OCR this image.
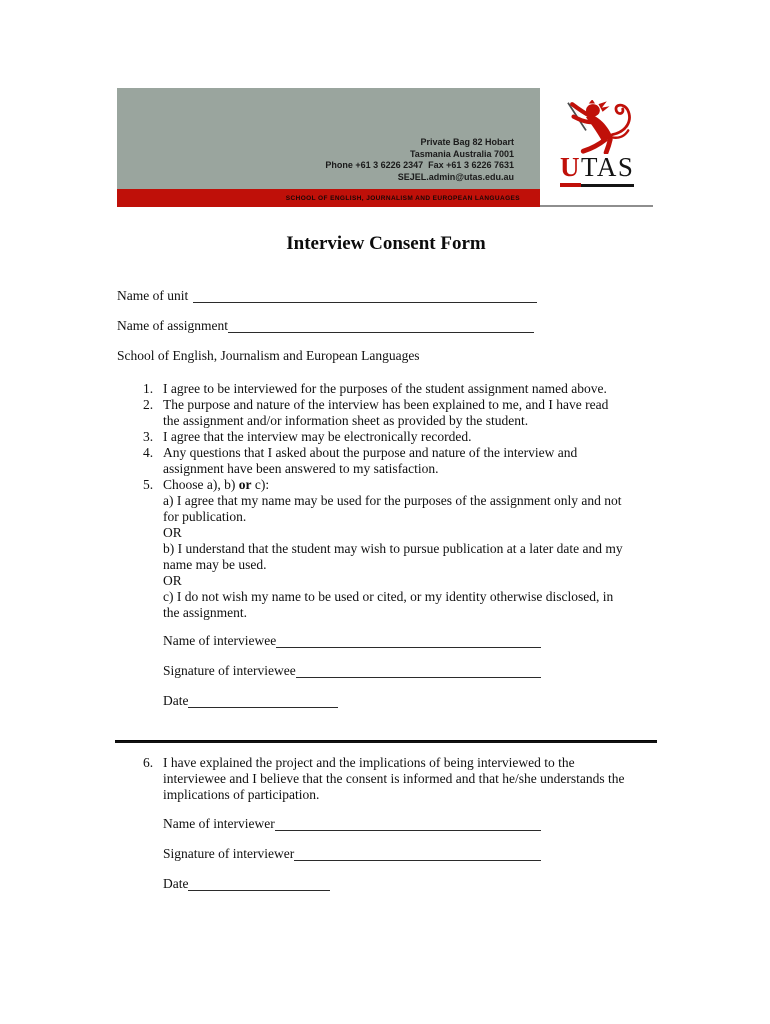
Private Bag 82 Hobart
Tasmania Australia 7001
Phone +61 3 6226 2347  Fax +61 3 6226 7631
SEJEL.admin@utas.edu.au
SCHOOL OF ENGLISH, JOURNALISM AND EUROPEAN LANGUAGES
UTAS
Interview Consent Form
Name of unit
Name of assignment
School of English, Journalism and European Languages
1. I agree to be interviewed for the purposes of the student assignment named above.
2. The purpose and nature of the interview has been explained to me, and I have read
the assignment and/or information sheet as provided by the student.
3. I agree that the interview may be electronically recorded.
4. Any questions that I asked about the purpose and nature of the interview and
assignment have been answered to my satisfaction.
5. Choose a), b) or c):
a) I agree that my name may be used for the purposes of the assignment only and not
for publication.
OR
b) I understand that the student may wish to pursue publication at a later date and my
name may be used.
OR
c) I do not wish my name to be used or cited, or my identity otherwise disclosed, in
the assignment.
Name of interviewee
Signature of interviewee
Date
6. I have explained the project and the implications of being interviewed to the
interviewee and I believe that the consent is informed and that he/she understands the
implications of participation.
Name of interviewer
Signature of interviewer
Date
